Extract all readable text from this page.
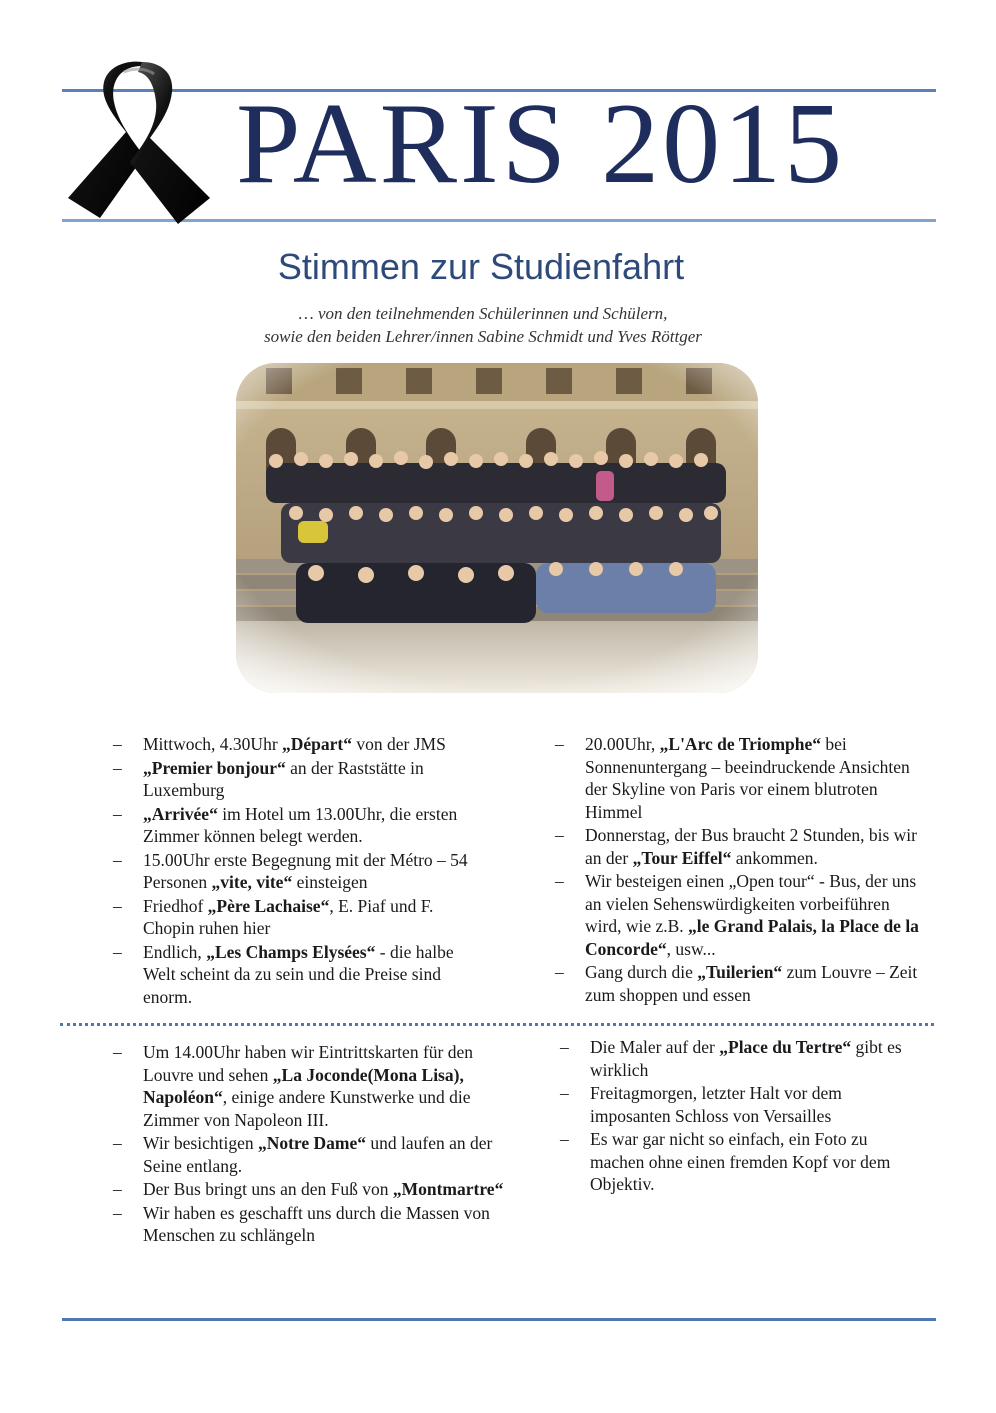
PARIS 2015
Stimmen zur Studienfahrt
… von den teilnehmenden Schülerinnen und Schülern,
sowie den beiden Lehrer/innen Sabine Schmidt und Yves Röttger
– Mittwoch, 4.30Uhr „Départ“ von der JMS
– „Premier bonjour“ an der Raststätte in Luxemburg
– „Arrivée“ im Hotel um 13.00Uhr, die ersten Zimmer können belegt werden.
– 15.00Uhr erste Begegnung mit der Métro – 54 Personen „vite, vite“ einsteigen
– Friedhof „Père Lachaise“, E. Piaf und F. Chopin ruhen hier
– Endlich, „Les Champs Elysées“ - die halbe Welt scheint da zu sein und die Preise sind enorm.
– 20.00Uhr, „L'Arc de Triomphe“ bei Sonnenuntergang – beeindruckende Ansichten der Skyline von Paris vor einem blutroten Himmel
– Donnerstag, der Bus braucht 2 Stunden, bis wir an der „Tour Eiffel“ ankommen.
– Wir besteigen einen „Open tour“ - Bus, der uns an vielen Sehenswürdigkeiten vorbeiführen wird, wie z.B. „le Grand Palais, la Place de la Concorde“, usw...
– Gang durch die „Tuilerien“ zum Louvre – Zeit zum shoppen und essen
– Um 14.00Uhr haben wir Eintrittskarten für den Louvre und sehen „La Joconde(Mona Lisa), Napoléon“, einige andere Kunstwerke und die Zimmer von Napoleon III.
– Wir besichtigen „Notre Dame“ und laufen an der Seine entlang.
– Der Bus bringt uns an den Fuß von „Montmartre“
– Wir haben es geschafft uns durch die Massen von Menschen zu schlängeln
– Die Maler auf der „Place du Tertre“ gibt es wirklich
– Freitagmorgen, letzter Halt vor dem imposanten Schloss von Versailles
– Es war gar nicht so einfach, ein Foto zu machen ohne einen fremden Kopf vor dem Objektiv.
